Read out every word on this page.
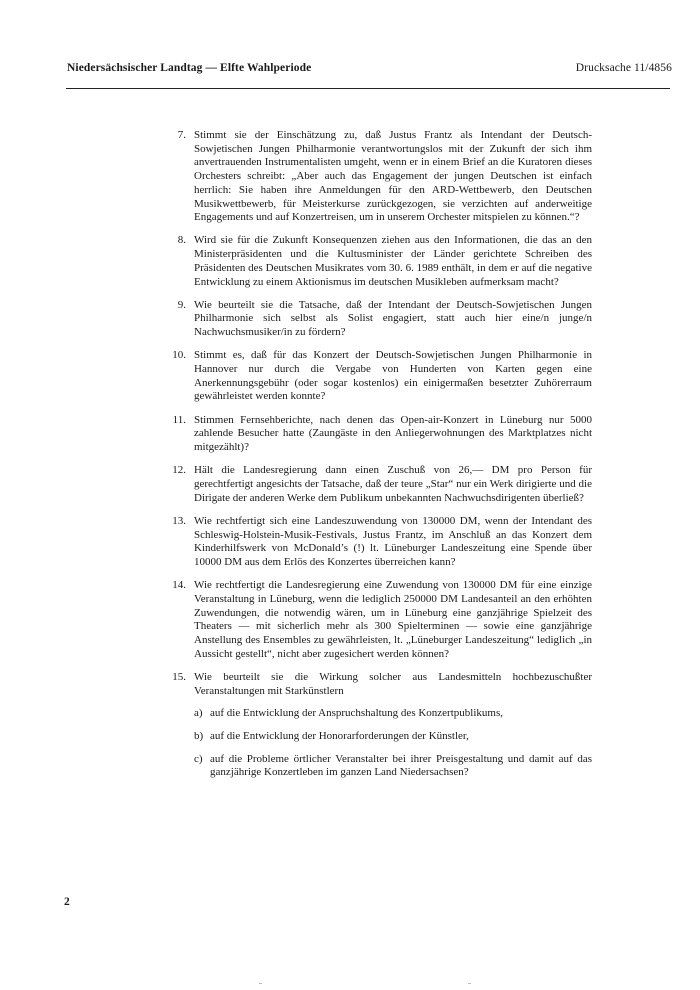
Niedersächsischer Landtag — Elfte Wahlperiode	Drucksache 11/4856
7. Stimmt sie der Einschätzung zu, daß Justus Frantz als Intendant der Deutsch-Sowjetischen Jungen Philharmonie verantwortungslos mit der Zukunft der sich ihm anvertrauenden Instrumentalisten umgeht, wenn er in einem Brief an die Kuratoren dieses Orchesters schreibt: „Aber auch das Engagement der jungen Deutschen ist einfach herrlich: Sie haben ihre Anmeldungen für den ARD-Wettbewerb, den Deutschen Musikwettbewerb, für Meisterkurse zurückgezogen, sie verzichten auf anderweitige Engagements und auf Konzertreisen, um in unserem Orchester mitspielen zu können.“?
8. Wird sie für die Zukunft Konsequenzen ziehen aus den Informationen, die das an den Ministerpräsidenten und die Kultusminister der Länder gerichtete Schreiben des Präsidenten des Deutschen Musikrates vom 30. 6. 1989 enthält, in dem er auf die negative Entwicklung zu einem Aktionismus im deutschen Musikleben aufmerksam macht?
9. Wie beurteilt sie die Tatsache, daß der Intendant der Deutsch-Sowjetischen Jungen Philharmonie sich selbst als Solist engagiert, statt auch hier eine/n junge/n Nachwuchsmusiker/in zu fördern?
10. Stimmt es, daß für das Konzert der Deutsch-Sowjetischen Jungen Philharmonie in Hannover nur durch die Vergabe von Hunderten von Karten gegen eine Anerkennungsgebühr (oder sogar kostenlos) ein einigermaßen besetzter Zuhörerraum gewährleistet werden konnte?
11. Stimmen Fernsehberichte, nach denen das Open-air-Konzert in Lüneburg nur 5000 zahlende Besucher hatte (Zaungäste in den Anliegerwohnungen des Marktplatzes nicht mitgezählt)?
12. Hält die Landesregierung dann einen Zuschuß von 26,— DM pro Person für gerechtfertigt angesichts der Tatsache, daß der teure „Star“ nur ein Werk dirigierte und die Dirigate der anderen Werke dem Publikum unbekannten Nachwuchsdirigenten überließ?
13. Wie rechtfertigt sich eine Landeszuwendung von 130000 DM, wenn der Intendant des Schleswig-Holstein-Musik-Festivals, Justus Frantz, im Anschluß an das Konzert dem Kinderhilfswerk von McDonald’s (!) lt. Lüneburger Landeszeitung eine Spende über 10000 DM aus dem Erlös des Konzertes überreichen kann?
14. Wie rechtfertigt die Landesregierung eine Zuwendung von 130000 DM für eine einzige Veranstaltung in Lüneburg, wenn die lediglich 250000 DM Landesanteil an den erhöhten Zuwendungen, die notwendig wären, um in Lüneburg eine ganzjährige Spielzeit des Theaters — mit sicherlich mehr als 300 Spielterminen — sowie eine ganzjährige Anstellung des Ensembles zu gewährleisten, lt. „Lüneburger Landeszeitung“ lediglich „in Aussicht gestellt“, nicht aber zugesichert werden können?
15. Wie beurteilt sie die Wirkung solcher aus Landesmitteln hochbezuschußter Veranstaltungen mit Starkünstlern
a) auf die Entwicklung der Anspruchshaltung des Konzertpublikums,
b) auf die Entwicklung der Honorarforderungen der Künstler,
c) auf die Probleme örtlicher Veranstalter bei ihrer Preisgestaltung und damit auf das ganzjährige Konzertleben im ganzen Land Niedersachsen?
2
